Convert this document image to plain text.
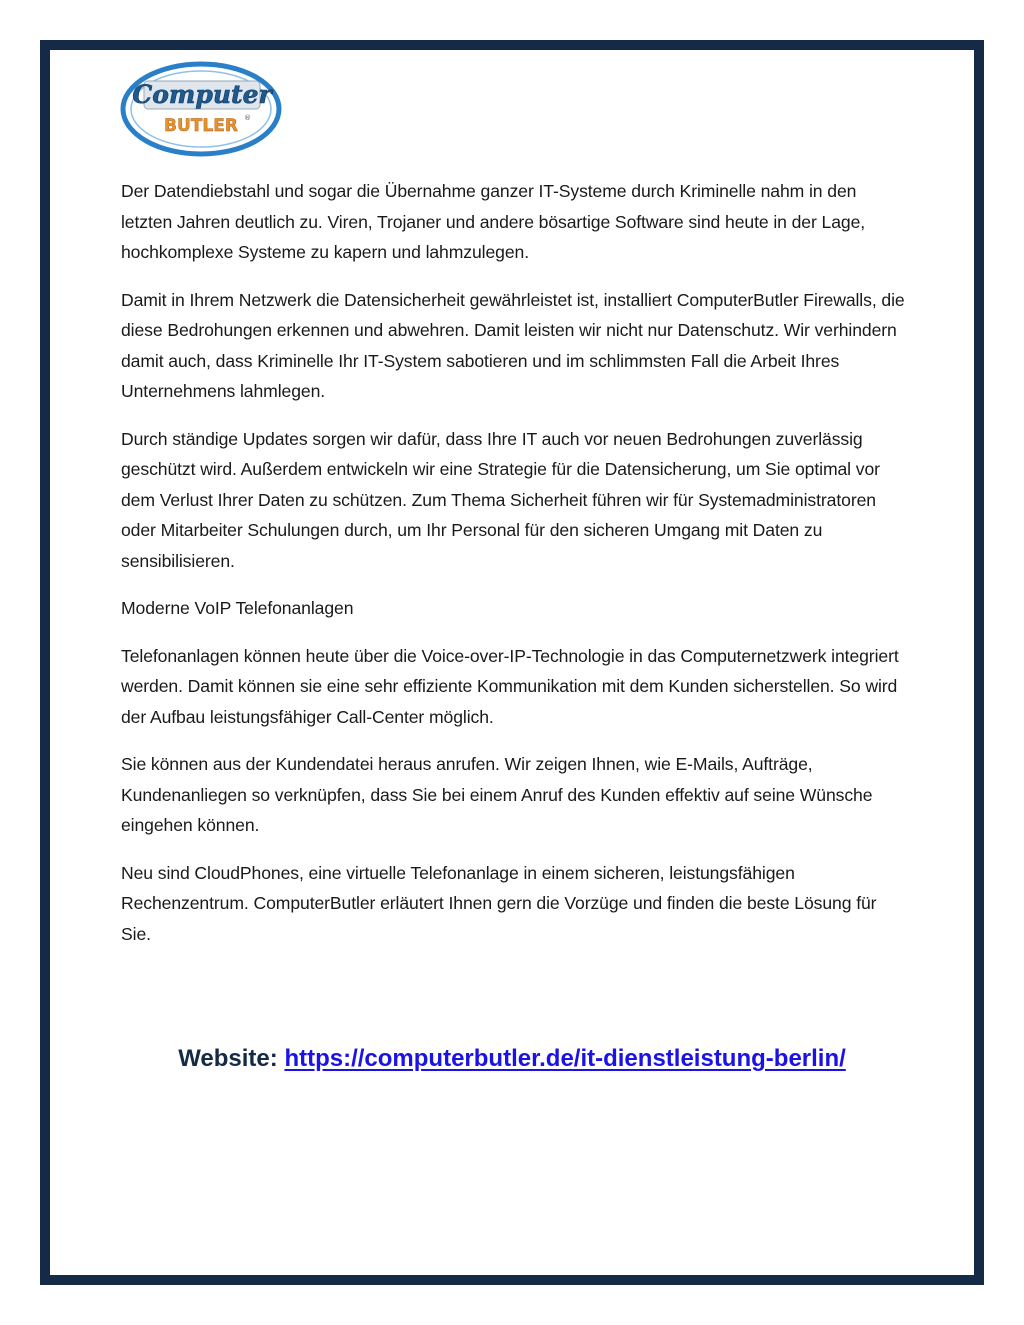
Computer
BUTLER ®

Der Datendiebstahl und sogar die Übernahme ganzer IT-Systeme durch Kriminelle nahm in den letzten Jahren deutlich zu. Viren, Trojaner und andere bösartige Software sind heute in der Lage, hochkomplexe Systeme zu kapern und lahmzulegen.

Damit in Ihrem Netzwerk die Datensicherheit gewährleistet ist, installiert ComputerButler Firewalls, die diese Bedrohungen erkennen und abwehren. Damit leisten wir nicht nur Datenschutz. Wir verhindern damit auch, dass Kriminelle Ihr IT-System sabotieren und im schlimmsten Fall die Arbeit Ihres Unternehmens lahmlegen.

Durch ständige Updates sorgen wir dafür, dass Ihre IT auch vor neuen Bedrohungen zuverlässig geschützt wird. Außerdem entwickeln wir eine Strategie für die Datensicherung, um Sie optimal vor dem Verlust Ihrer Daten zu schützen. Zum Thema Sicherheit führen wir für Systemadministratoren oder Mitarbeiter Schulungen durch, um Ihr Personal für den sicheren Umgang mit Daten zu sensibilisieren.

Moderne VoIP Telefonanlagen

Telefonanlagen können heute über die Voice-over-IP-Technologie in das Computernetzwerk integriert werden. Damit können sie eine sehr effiziente Kommunikation mit dem Kunden sicherstellen. So wird der Aufbau leistungsfähiger Call-Center möglich.

Sie können aus der Kundendatei heraus anrufen. Wir zeigen Ihnen, wie E-Mails, Aufträge, Kundenanliegen so verknüpfen, dass Sie bei einem Anruf des Kunden effektiv auf seine Wünsche eingehen können.

Neu sind CloudPhones, eine virtuelle Telefonanlage in einem sicheren, leistungsfähigen Rechenzentrum. ComputerButler erläutert Ihnen gern die Vorzüge und finden die beste Lösung für Sie.

Website: https://computerbutler.de/it-dienstleistung-berlin/
